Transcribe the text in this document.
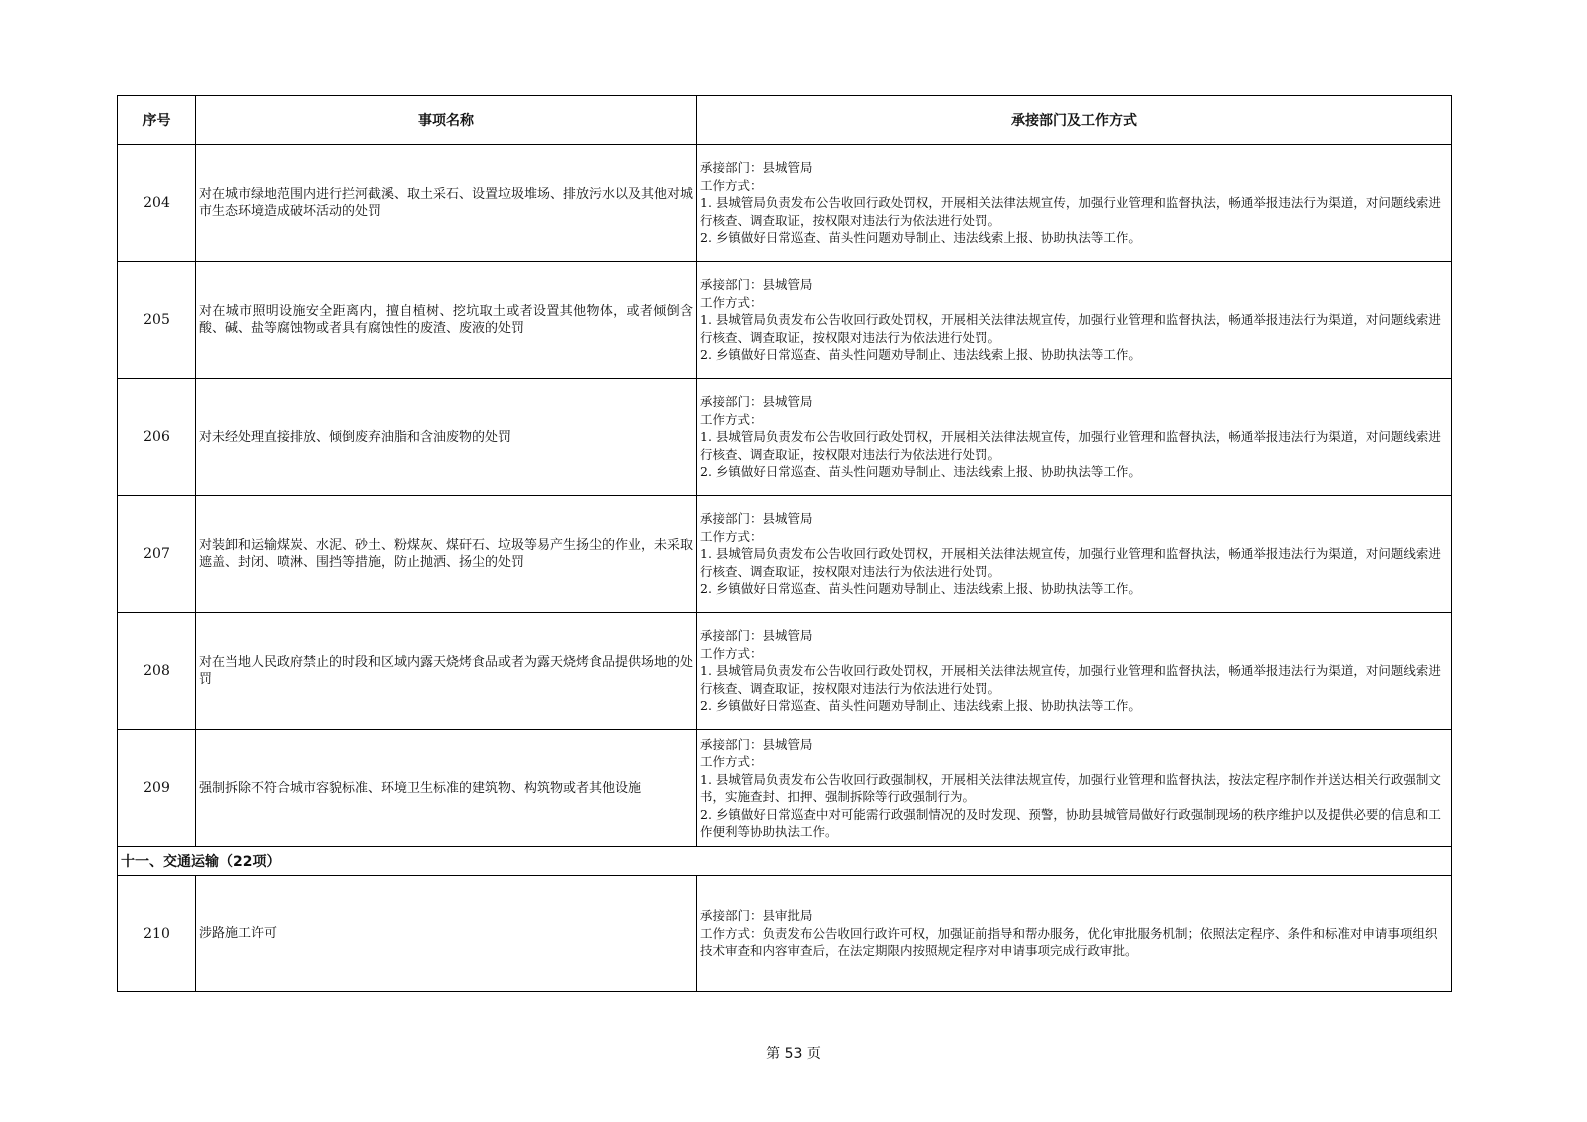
序号	事项名称	承接部门及工作方式
204	对在城市绿地范围内进行拦河截溪、取土采石、设置垃圾堆场、排放污水以及其他对城市生态环境造成破坏活动的处罚	承接部门：县城管局
工作方式：
1. 县城管局负责发布公告收回行政处罚权，开展相关法律法规宣传，加强行业管理和监督执法，畅通举报违法行为渠道，对问题线索进行核查、调查取证，按权限对违法行为依法进行处罚。
2. 乡镇做好日常巡查、苗头性问题劝导制止、违法线索上报、协助执法等工作。

205	对在城市照明设施安全距离内，擅自植树、挖坑取土或者设置其他物体，或者倾倒含酸、碱、盐等腐蚀物或者具有腐蚀性的废渣、废液的处罚	承接部门：县城管局
工作方式：
1. 县城管局负责发布公告收回行政处罚权，开展相关法律法规宣传，加强行业管理和监督执法，畅通举报违法行为渠道，对问题线索进行核查、调查取证，按权限对违法行为依法进行处罚。
2. 乡镇做好日常巡查、苗头性问题劝导制止、违法线索上报、协助执法等工作。

206	对未经处理直接排放、倾倒废弃油脂和含油废物的处罚	承接部门：县城管局
工作方式：
1. 县城管局负责发布公告收回行政处罚权，开展相关法律法规宣传，加强行业管理和监督执法，畅通举报违法行为渠道，对问题线索进行核查、调查取证，按权限对违法行为依法进行处罚。
2. 乡镇做好日常巡查、苗头性问题劝导制止、违法线索上报、协助执法等工作。

207	对装卸和运输煤炭、水泥、砂土、粉煤灰、煤矸石、垃圾等易产生扬尘的作业，未采取遮盖、封闭、喷淋、围挡等措施，防止抛洒、扬尘的处罚	承接部门：县城管局
工作方式：
1. 县城管局负责发布公告收回行政处罚权，开展相关法律法规宣传，加强行业管理和监督执法，畅通举报违法行为渠道，对问题线索进行核查、调查取证，按权限对违法行为依法进行处罚。
2. 乡镇做好日常巡查、苗头性问题劝导制止、违法线索上报、协助执法等工作。

208	对在当地人民政府禁止的时段和区域内露天烧烤食品或者为露天烧烤食品提供场地的处罚	承接部门：县城管局
工作方式：
1. 县城管局负责发布公告收回行政处罚权，开展相关法律法规宣传，加强行业管理和监督执法，畅通举报违法行为渠道，对问题线索进行核查、调查取证，按权限对违法行为依法进行处罚。
2. 乡镇做好日常巡查、苗头性问题劝导制止、违法线索上报、协助执法等工作。

209	强制拆除不符合城市容貌标准、环境卫生标准的建筑物、构筑物或者其他设施	承接部门：县城管局
工作方式：
1. 县城管局负责发布公告收回行政强制权，开展相关法律法规宣传，加强行业管理和监督执法，按法定程序制作并送达相关行政强制文书，实施查封、扣押、强制拆除等行政强制行为。
2. 乡镇做好日常巡查中对可能需行政强制情况的及时发现、预警，协助县城管局做好行政强制现场的秩序维护以及提供必要的信息和工作便利等协助执法工作。

十一、交通运输（22项）		
210	涉路施工许可	承接部门：县审批局
工作方式：负责发布公告收回行政许可权，加强证前指导和帮办服务，优化审批服务机制；依照法定程序、条件和标准对申请事项组织技术审查和内容审查后，在法定期限内按照规定程序对申请事项完成行政审批。
第 53 页
